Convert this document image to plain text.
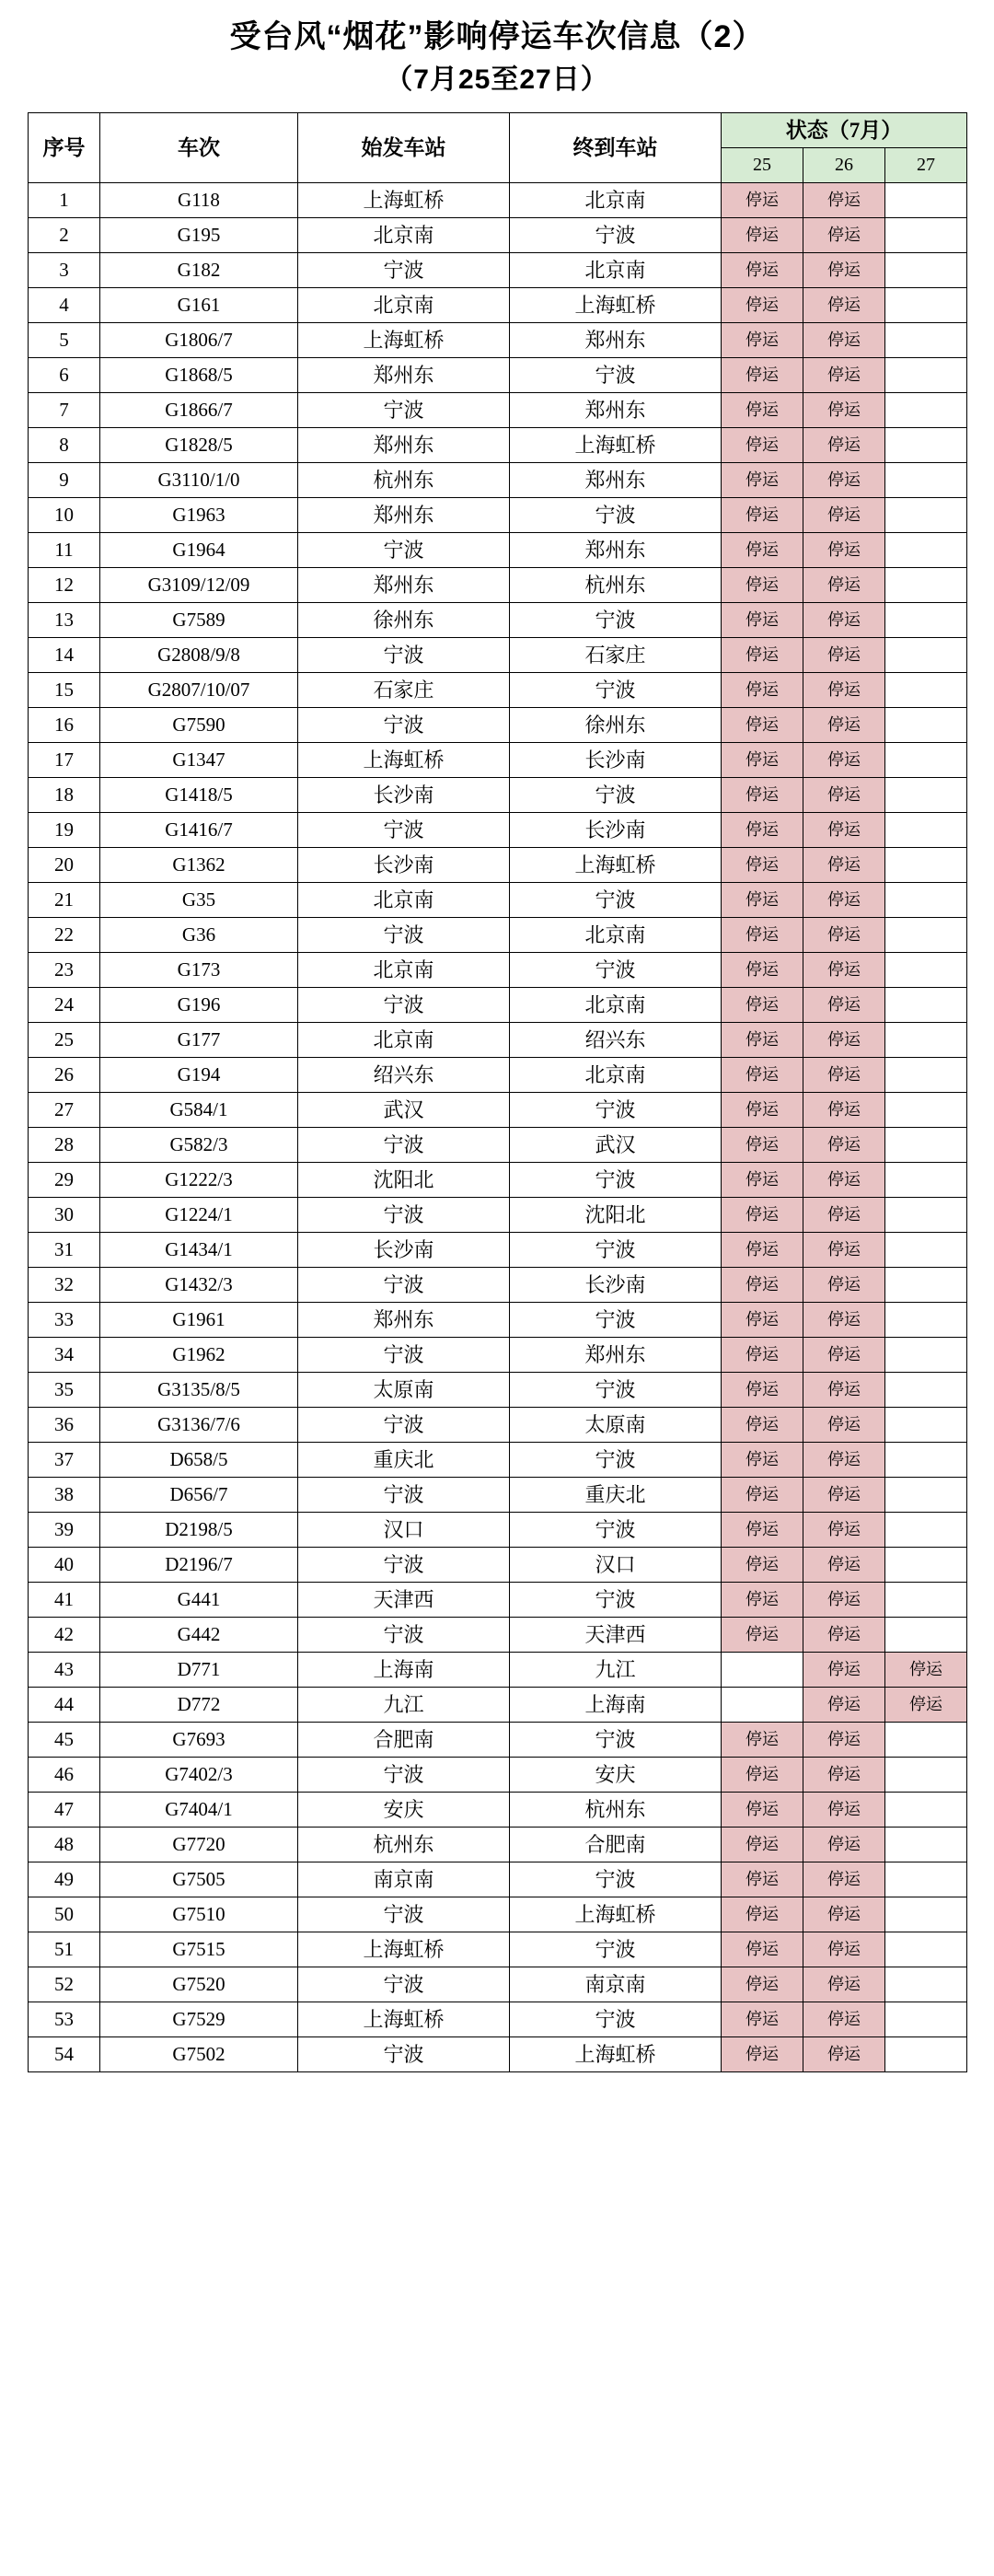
受台风“烟花”影响停运车次信息（2）
（7月25至27日）
序号	车次	始发车站	终到车站	状态（7月）		
				25	26	27
1	G118	上海虹桥	北京南	停运	停运	
2	G195	北京南	宁波	停运	停运	
3	G182	宁波	北京南	停运	停运	
4	G161	北京南	上海虹桥	停运	停运	
5	G1806/7	上海虹桥	郑州东	停运	停运	
6	G1868/5	郑州东	宁波	停运	停运	
7	G1866/7	宁波	郑州东	停运	停运	
8	G1828/5	郑州东	上海虹桥	停运	停运	
9	G3110/1/0	杭州东	郑州东	停运	停运	
10	G1963	郑州东	宁波	停运	停运	
11	G1964	宁波	郑州东	停运	停运	
12	G3109/12/09	郑州东	杭州东	停运	停运	
13	G7589	徐州东	宁波	停运	停运	
14	G2808/9/8	宁波	石家庄	停运	停运	
15	G2807/10/07	石家庄	宁波	停运	停运	
16	G7590	宁波	徐州东	停运	停运	
17	G1347	上海虹桥	长沙南	停运	停运	
18	G1418/5	长沙南	宁波	停运	停运	
19	G1416/7	宁波	长沙南	停运	停运	
20	G1362	长沙南	上海虹桥	停运	停运	
21	G35	北京南	宁波	停运	停运	
22	G36	宁波	北京南	停运	停运	
23	G173	北京南	宁波	停运	停运	
24	G196	宁波	北京南	停运	停运	
25	G177	北京南	绍兴东	停运	停运	
26	G194	绍兴东	北京南	停运	停运	
27	G584/1	武汉	宁波	停运	停运	
28	G582/3	宁波	武汉	停运	停运	
29	G1222/3	沈阳北	宁波	停运	停运	
30	G1224/1	宁波	沈阳北	停运	停运	
31	G1434/1	长沙南	宁波	停运	停运	
32	G1432/3	宁波	长沙南	停运	停运	
33	G1961	郑州东	宁波	停运	停运	
34	G1962	宁波	郑州东	停运	停运	
35	G3135/8/5	太原南	宁波	停运	停运	
36	G3136/7/6	宁波	太原南	停运	停运	
37	D658/5	重庆北	宁波	停运	停运	
38	D656/7	宁波	重庆北	停运	停运	
39	D2198/5	汉口	宁波	停运	停运	
40	D2196/7	宁波	汉口	停运	停运	
41	G441	天津西	宁波	停运	停运	
42	G442	宁波	天津西	停运	停运	
43	D771	上海南	九江		停运	停运
44	D772	九江	上海南		停运	停运
45	G7693	合肥南	宁波	停运	停运	
46	G7402/3	宁波	安庆	停运	停运	
47	G7404/1	安庆	杭州东	停运	停运	
48	G7720	杭州东	合肥南	停运	停运	
49	G7505	南京南	宁波	停运	停运	
50	G7510	宁波	上海虹桥	停运	停运	
51	G7515	上海虹桥	宁波	停运	停运	
52	G7520	宁波	南京南	停运	停运	
53	G7529	上海虹桥	宁波	停运	停运	
54	G7502	宁波	上海虹桥	停运	停运	
